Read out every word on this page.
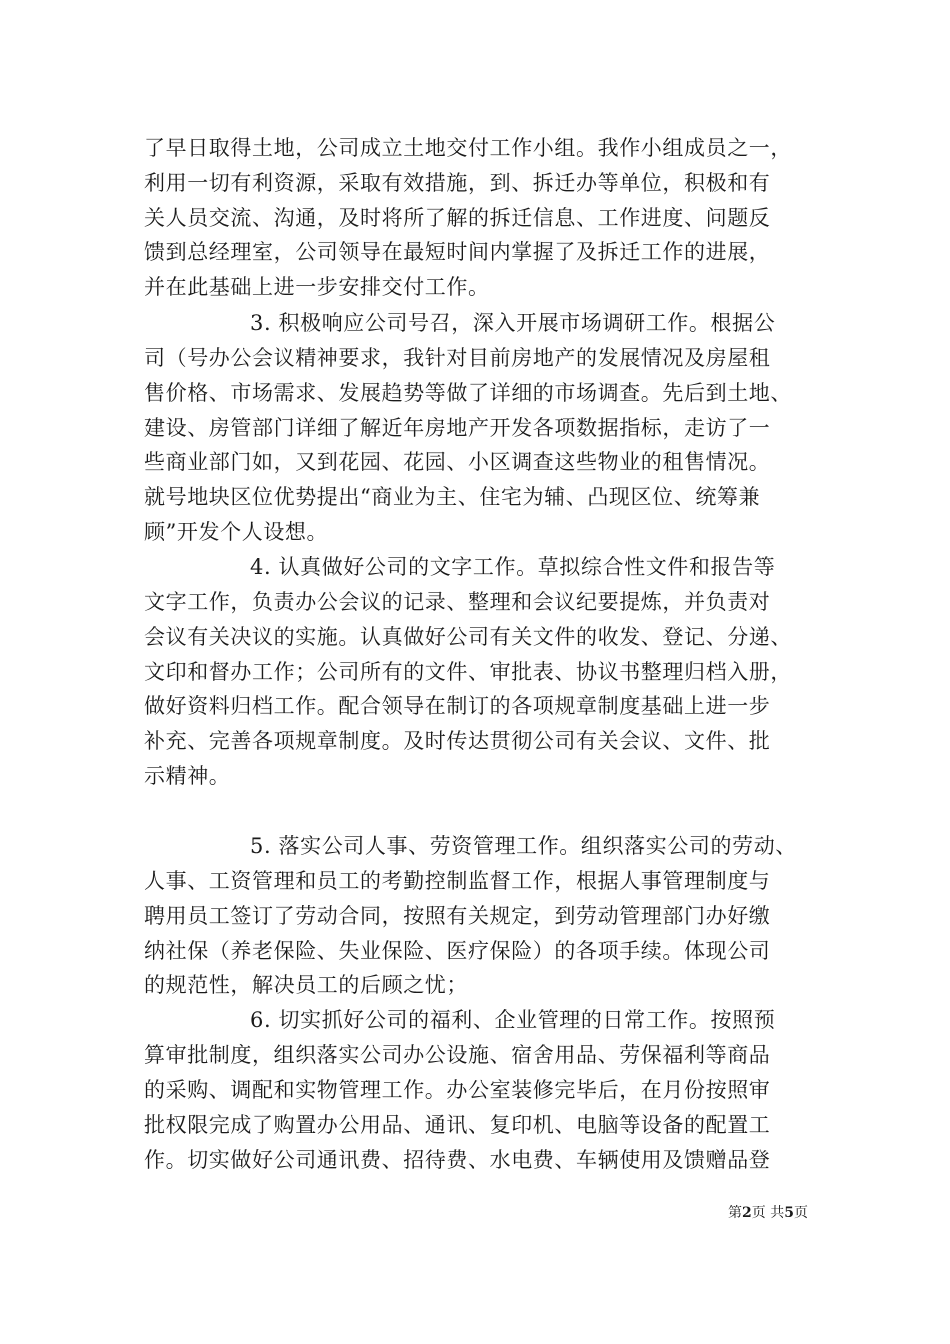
了早日取得土地，公司成立土地交付工作小组。我作小组成员之一，
利用一切有利资源，采取有效措施，到、拆迁办等单位，积极和有
关人员交流、沟通，及时将所了解的拆迁信息、工作进度、问题反
馈到总经理室，公司领导在最短时间内掌握了及拆迁工作的进展，
并在此基础上进一步安排交付工作。
3. 积极响应公司号召，深入开展市场调研工作。根据公
司（号办公会议精神要求，我针对目前房地产的发展情况及房屋租
售价格、市场需求、发展趋势等做了详细的市场调查。先后到土地、
建设、房管部门详细了解近年房地产开发各项数据指标，走访了一
些商业部门如，又到花园、花园、小区调查这些物业的租售情况。
就号地块区位优势提出“商业为主、住宅为辅、凸现区位、统筹兼
顾”开发个人设想。
4. 认真做好公司的文字工作。草拟综合性文件和报告等
文字工作，负责办公会议的记录、整理和会议纪要提炼，并负责对
会议有关决议的实施。认真做好公司有关文件的收发、登记、分递、
文印和督办工作；公司所有的文件、审批表、协议书整理归档入册，
做好资料归档工作。配合领导在制订的各项规章制度基础上进一步
补充、完善各项规章制度。及时传达贯彻公司有关会议、文件、批
示精神。
5. 落实公司人事、劳资管理工作。组织落实公司的劳动、
人事、工资管理和员工的考勤控制监督工作，根据人事管理制度与
聘用员工签订了劳动合同，按照有关规定，到劳动管理部门办好缴
纳社保（养老保险、失业保险、医疗保险）的各项手续。体现公司
的规范性，解决员工的后顾之忧；
6. 切实抓好公司的福利、企业管理的日常工作。按照预
算审批制度，组织落实公司办公设施、宿舍用品、劳保福利等商品
的采购、调配和实物管理工作。办公室装修完毕后，在月份按照审
批权限完成了购置办公用品、通讯、复印机、电脑等设备的配置工
作。切实做好公司通讯费、招待费、水电费、车辆使用及馈赠品登
第2页 共5页
